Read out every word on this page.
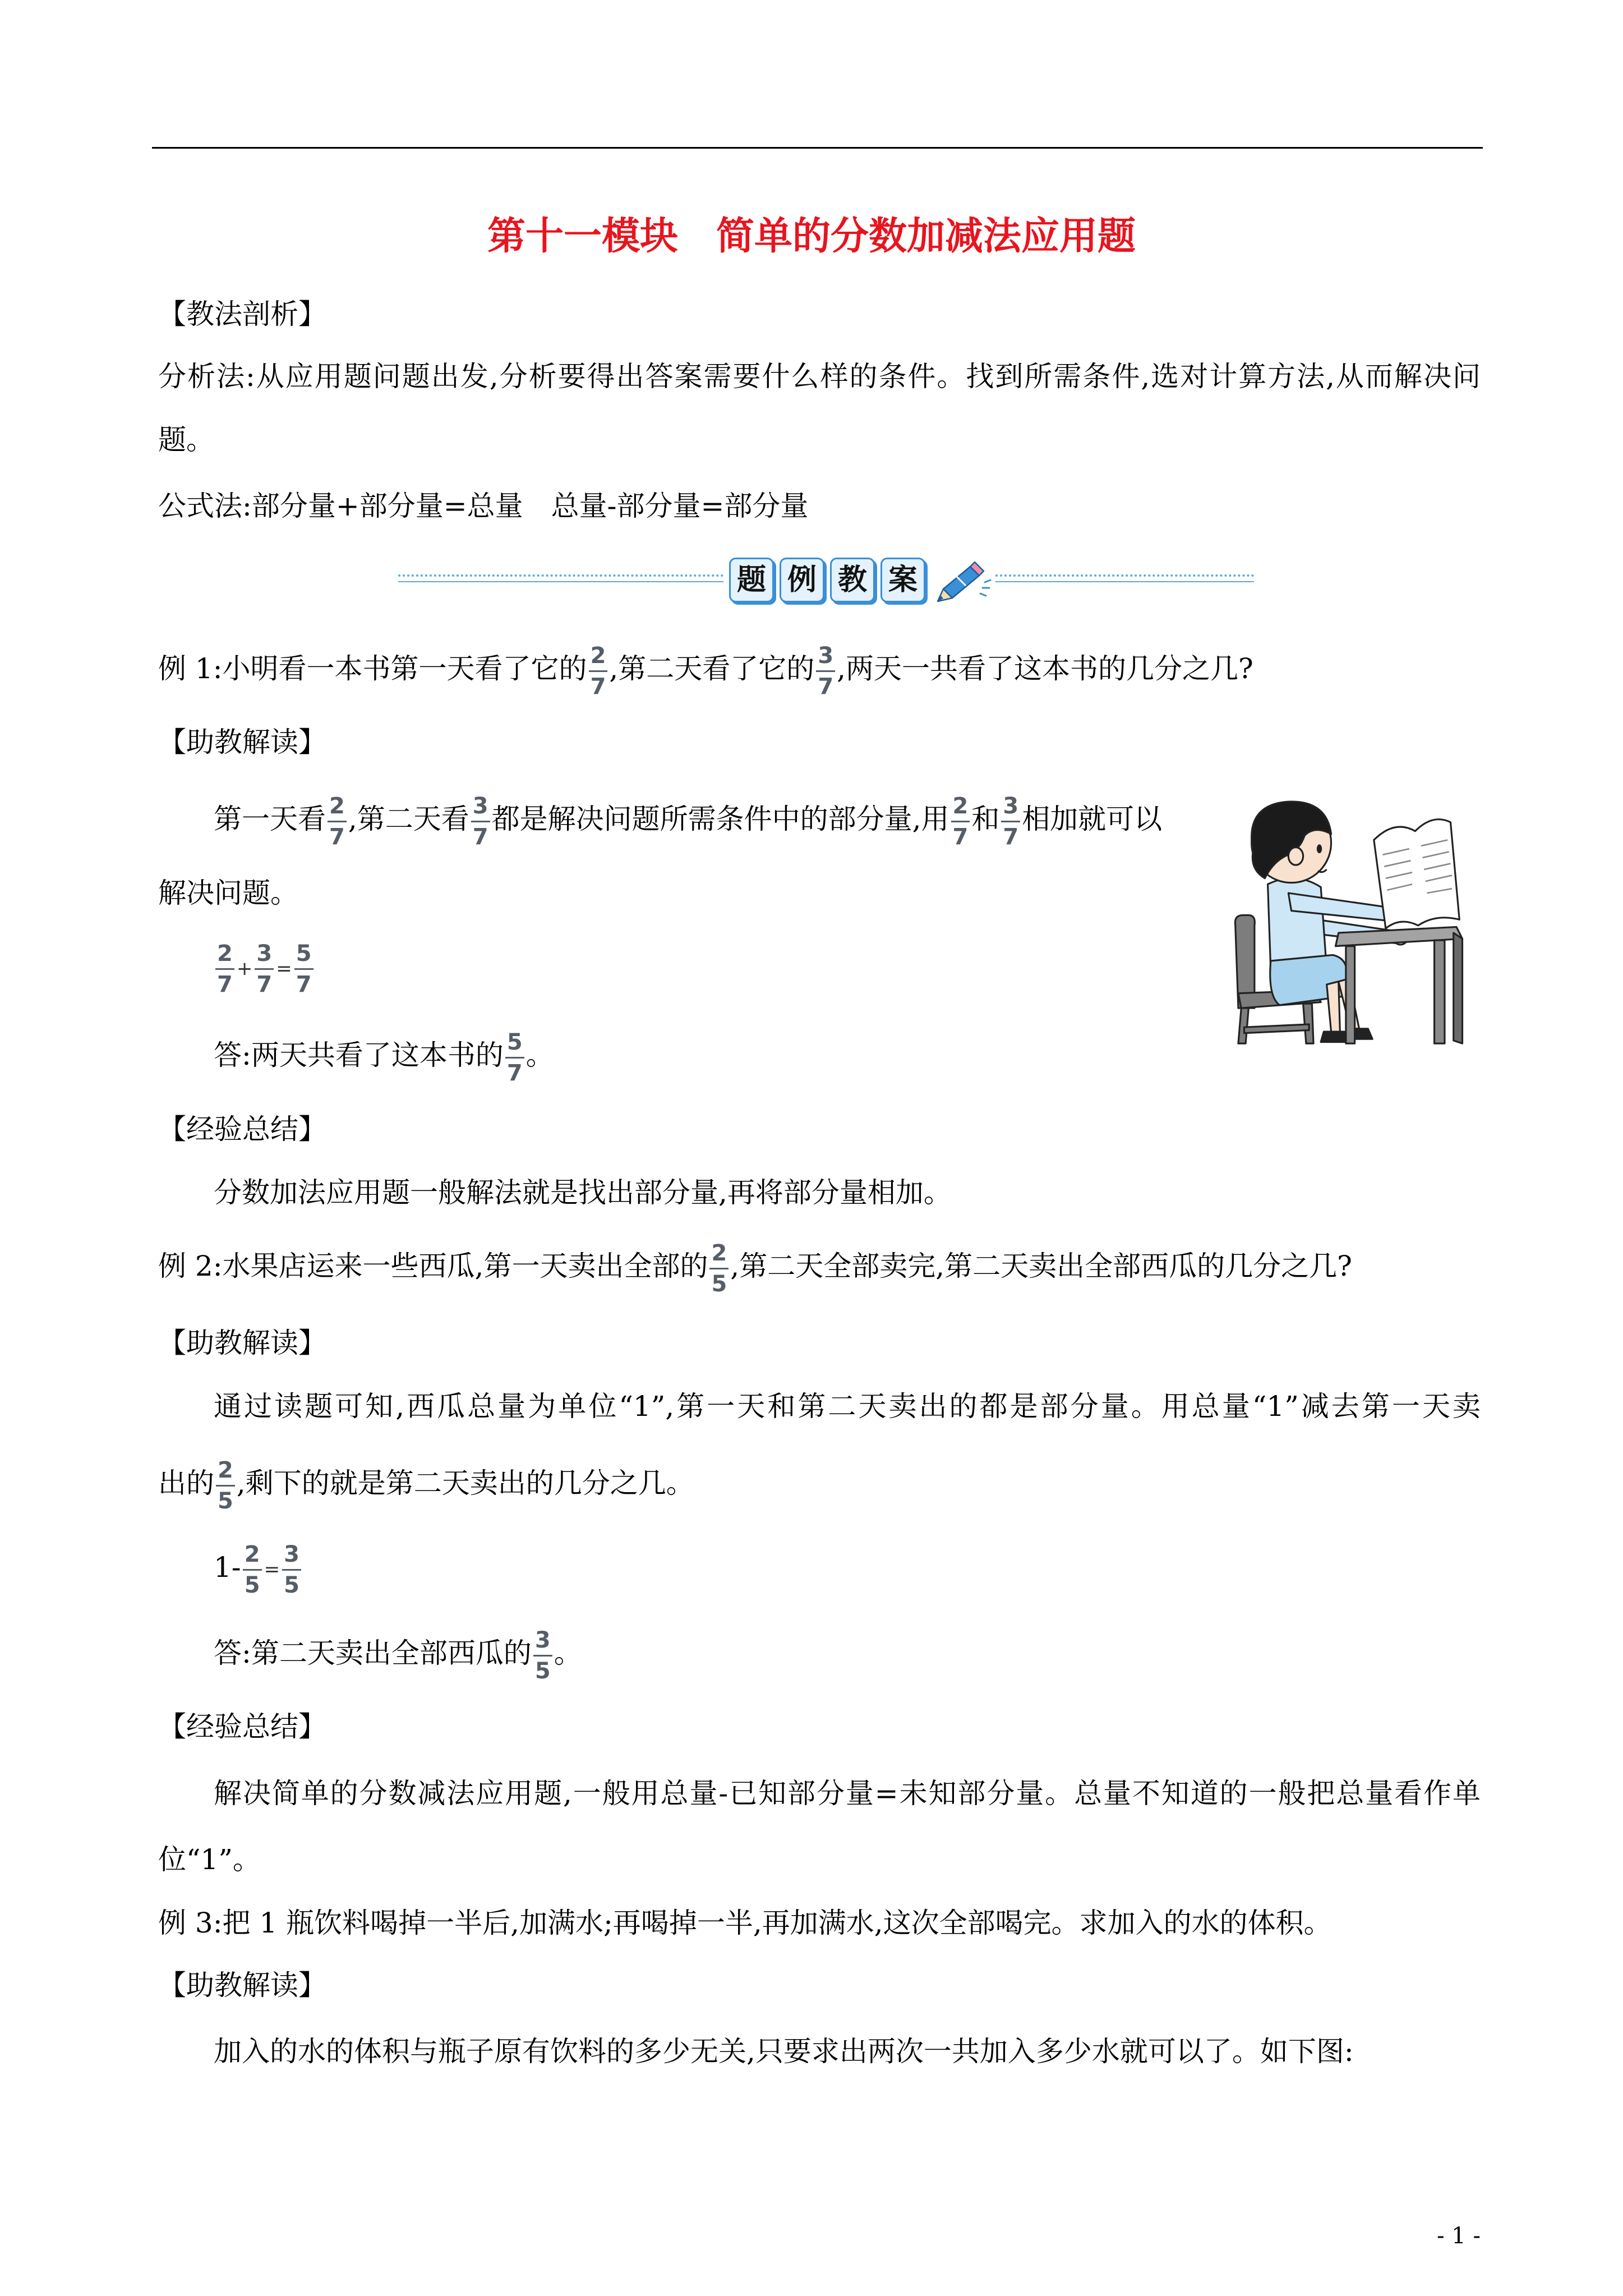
第十一模块　简单的分数加减法应用题
【教法剖析】
分析法:从应用题问题出发,分析要得出答案需要什么样的条件。找到所需条件,选对计算方法,从而解决问
题。
公式法:部分量+部分量=总量　总量-部分量=部分量
题 例 教 案
例 1:小明看一本书第一天看了它的 $\frac{2}{7}$ ,第二天看了它的 $\frac{3}{7}$ ,两天一共看了这本书的几分之几?
【助教解读】
第一天看 $\frac{2}{7}$ ,第二天看 $\frac{3}{7}$ 都是解决问题所需条件中的部分量,用 $\frac{2}{7}$ 和 $\frac{3}{7}$ 相加就可以
解决问题。
$\frac{2}{7} + \frac{3}{7} = \frac{5}{7}$
答:两天共看了这本书的 $\frac{5}{7}$ 。
【经验总结】
分数加法应用题一般解法就是找出部分量,再将部分量相加。
例 2:水果店运来一些西瓜,第一天卖出全部的 $\frac{2}{5}$ ,第二天全部卖完,第二天卖出全部西瓜的几分之几?
【助教解读】
通过读题可知,西瓜总量为单位“1”,第一天和第二天卖出的都是部分量。用总量“1”减去第一天卖
出的 $\frac{2}{5}$ ,剩下的就是第二天卖出的几分之几。
$1- \frac{2}{5} = \frac{3}{5}$
答:第二天卖出全部西瓜的 $\frac{3}{5}$ 。
【经验总结】
解决简单的分数减法应用题,一般用总量-已知部分量=未知部分量。总量不知道的一般把总量看作单
位“1”。
例 3:把 1 瓶饮料喝掉一半后,加满水;再喝掉一半,再加满水,这次全部喝完。求加入的水的体积。
【助教解读】
加入的水的体积与瓶子原有饮料的多少无关,只要求出两次一共加入多少水就可以了。如下图:
- 1 -
